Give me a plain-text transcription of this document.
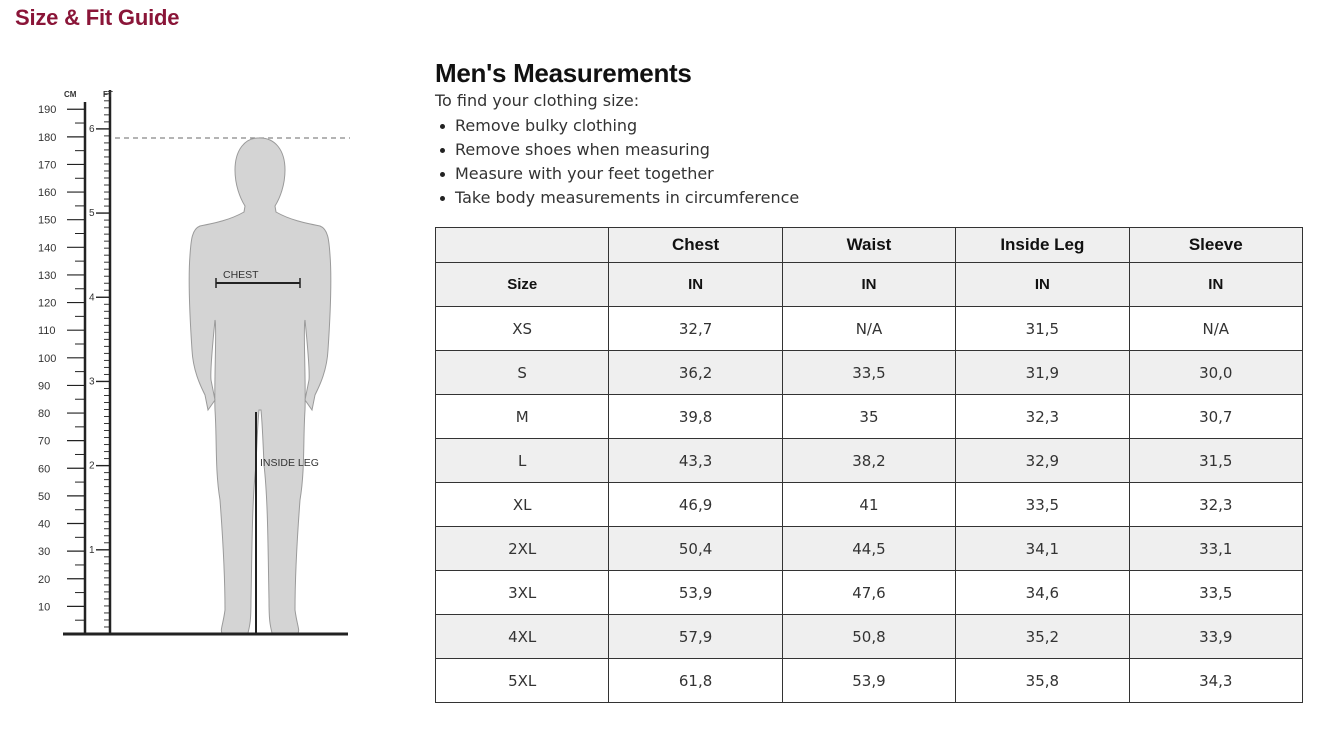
Size & Fit Guide
CM	FT
190
180
170
160
150
140
130
120
110
100
90
80
70
60
50
40
30
20
10
6
5
4
3
2
1
CHEST
INSIDE LEG
Men's Measurements

To find your clothing size:

Remove bulky clothing
Remove shoes when measuring
Measure with your feet together
Take body measurements in circumference
	Chest	Waist	Inside Leg	Sleeve
Size	IN	IN	IN	IN
XS	32,7	N/A	31,5	N/A
S	36,2	33,5	31,9	30,0
M	39,8	35	32,3	30,7
L	43,3	38,2	32,9	31,5
XL	46,9	41	33,5	32,3
2XL	50,4	44,5	34,1	33,1
3XL	53,9	47,6	34,6	33,5
4XL	57,9	50,8	35,2	33,9
5XL	61,8	53,9	35,8	34,3
